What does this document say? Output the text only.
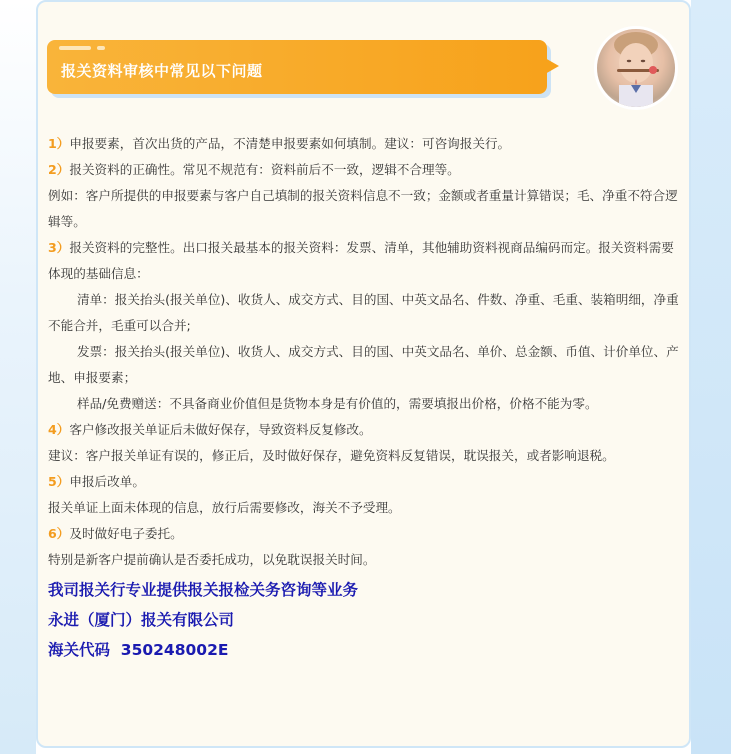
报关资料审核中常见以下问题

1）申报要素，首次出货的产品，不清楚申报要素如何填制。建议：可咨询报关行。

2）报关资料的正确性。常见不规范有：资料前后不一致，逻辑不合理等。

例如：客户所提供的申报要素与客户自己填制的报关资料信息不一致；金额或者重量计算错误；毛、净重不符合逻辑等。

3）报关资料的完整性。出口报关最基本的报关资料：发票、清单，其他辅助资料视商品编码而定。报关资料需要体现的基础信息：

清单：报关抬头(报关单位)、收货人、成交方式、目的国、中英文品名、件数、净重、毛重、装箱明细，净重不能合并，毛重可以合并;

发票：报关抬头(报关单位)、收货人、成交方式、目的国、中英文品名、单价、总金额、币值、计价单位、产地、申报要素；

样品/免费赠送：不具备商业价值但是货物本身是有价值的，需要填报出价格，价格不能为零。

4）客户修改报关单证后未做好保存，导致资料反复修改。

建议：客户报关单证有误的，修正后，及时做好保存，避免资料反复错误，耽误报关，或者影响退税。

5）申报后改单。

报关单证上面未体现的信息，放行后需要修改，海关不予受理。

6）及时做好电子委托。

特别是新客户提前确认是否委托成功，以免耽误报关时间。

我司报关行专业提供报关报检关务咨询等业务

永进（厦门）报关有限公司

海关代码  350248002E
